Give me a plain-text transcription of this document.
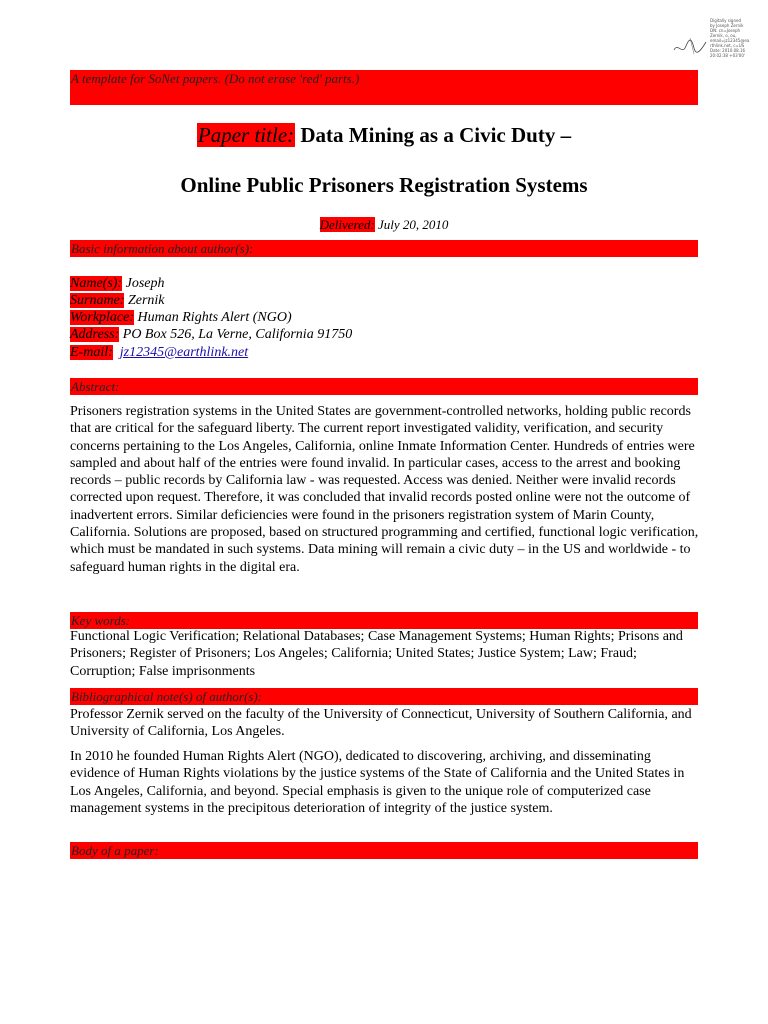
Digitally signed
by Joseph Zernik
DN: cn=Joseph
Zernik, o, ou,
email=jz12345@ea
rthlink.net, c=US
Date: 2010.08.16
20:02:38 +03'00'
A template for SoNet papers. (Do not erase 'red' parts.)
Paper title: Data Mining as a Civic Duty –
Online Public Prisoners Registration Systems
Delivered: July 20, 2010
Basic information about author(s):
Name(s): Joseph
Surname: Zernik
Workplace: Human Rights Alert (NGO)
Address: PO Box 526, La Verne, California 91750
E-mail: jz12345@earthlink.net
Abstract:
Prisoners registration systems in the United States are government-controlled networks, holding public records that are critical for the safeguard liberty. The current report investigated validity, verification, and security concerns pertaining to the Los Angeles, California, online Inmate Information Center. Hundreds of entries were sampled and about half of the entries were found invalid. In particular cases, access to the arrest and booking records – public records by California law - was requested. Access was denied. Neither were invalid records corrected upon request. Therefore, it was concluded that invalid records posted online were not the outcome of inadvertent errors. Similar deficiencies were found in the prisoners registration system of Marin County, California. Solutions are proposed, based on structured programming and certified, functional logic verification, which must be mandated in such systems. Data mining will remain a civic duty – in the US and worldwide - to safeguard human rights in the digital era.
Key words:
Functional Logic Verification; Relational Databases; Case Management Systems; Human Rights; Prisons and Prisoners; Register of Prisoners; Los Angeles; California; United States; Justice System; Law; Fraud; Corruption; False imprisonments
Bibliographical note(s) of author(s):
Professor Zernik served on the faculty of the University of Connecticut, University of Southern California, and University of California, Los Angeles.
In 2010 he founded Human Rights Alert (NGO), dedicated to discovering, archiving, and disseminating evidence of Human Rights violations by the justice systems of the State of California and the United States in Los Angeles, California, and beyond. Special emphasis is given to the unique role of computerized case management systems in the precipitous deterioration of integrity of the justice system.
Body of a paper:
